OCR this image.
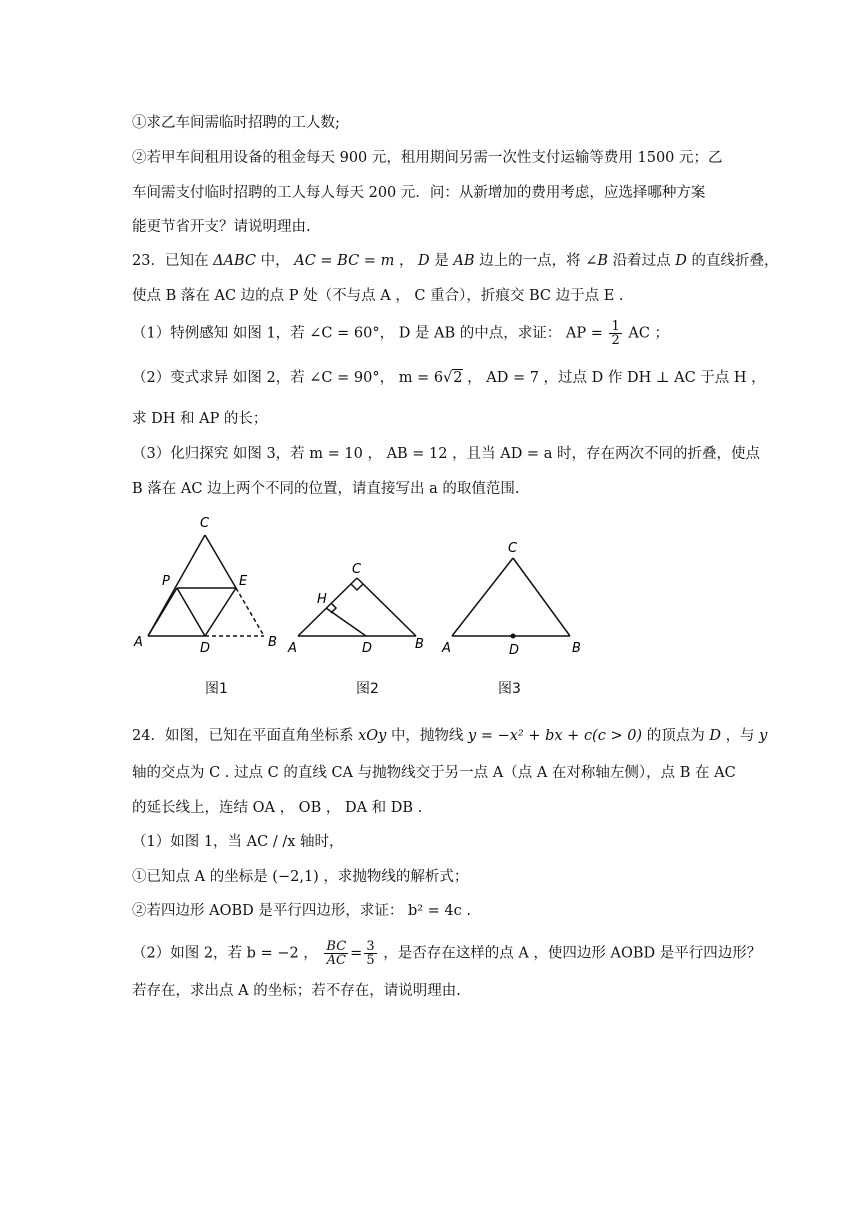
①求乙车间需临时招聘的工人数;
②若甲车间租用设备的租金每天 900 元，租用期间另需一次性支付运输等费用 1500 元；乙
车间需支付临时招聘的工人每人每天 200 元．问：从新增加的费用考虑，应选择哪种方案
能更节省开支？请说明理由.
23．已知在 ΔABC 中， AC = BC = m ， D 是 AB 边上的一点，将 ∠B 沿着过点 D 的直线折叠，
使点 B 落在 AC 边的点 P 处（不与点 A ， C 重合），折痕交 BC 边于点 E .
（1）特例感知 如图 1，若 ∠C = 60°， D 是 AB 的中点，求证： AP = $\frac{1}{2}$ AC ；
（2）变式求异 如图 2，若 ∠C = 90°， m = 6√2 ， AD = 7 ，过点 D 作 DH ⊥ AC 于点 H ，
求 DH 和 AP 的长；
（3）化归探究 如图 3，若 m = 10 ， AB = 12 ，且当 AD = a 时，存在两次不同的折叠，使点
B 落在 AC 边上两个不同的位置，请直接写出 a 的取值范围.
C
P	E
A	D	B
C
H
A	D	B
C
A	D	B
图1	图2	图3
24．如图，已知在平面直角坐标系 xOy 中，抛物线 y = −x² + bx + c(c > 0) 的顶点为 D ，与 y
轴的交点为 C . 过点 C 的直线 CA 与抛物线交于另一点 A（点 A 在对称轴左侧），点 B 在 AC
的延长线上，连结 OA ， OB ， DA 和 DB .
（1）如图 1，当 AC / /x 轴时，
①已知点 A 的坐标是 (−2,1) ，求抛物线的解析式；
②若四边形 AOBD 是平行四边形，求证： b² = 4c .
（2）如图 2，若 b = −2 ， $\frac{BC}{AC} = \frac{3}{5}$ ，是否存在这样的点 A ，使四边形 AOBD 是平行四边形？
若存在，求出点 A 的坐标；若不存在，请说明理由.
